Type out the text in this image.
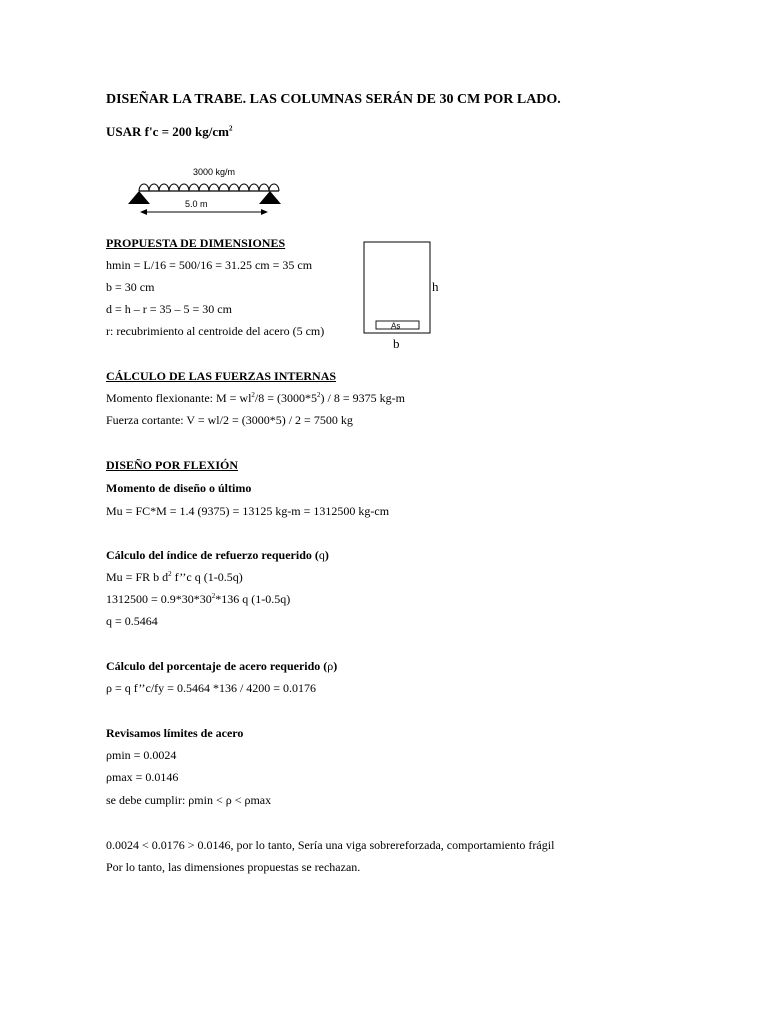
DISEÑAR LA TRABE. LAS COLUMNAS SERÁN DE 30 CM POR LADO.
USAR f'c = 200 $kg/cm^2$
3000 kg/m
5.0 m
As
h
b
PROPUESTA DE DIMENSIONES
hmin = L/16 = 500/16 = 31.25 cm = 35 cm
b = 30 cm
d = h – r = 35 – 5 = 30 cm
r: recubrimiento al centroide del acero (5 cm)
CÁLCULO DE LAS FUERZAS INTERNAS
Momento flexionante: $M = wl^2/8 = (3000*5^2) / 8 = 9375$ kg-m
Fuerza cortante: V = wl/2 = (3000*5) / 2 = 7500 kg
DISEÑO POR FLEXIÓN
Momento de diseño o último
Mu = FC*M = 1.4 (9375) = 13125 kg-m = 1312500 kg-cm
Cálculo del índice de refuerzo requerido (q)
Mu = FR b $d^2$ f’’c q (1-0.5q)
$1312500 = 0.9*30*30^2*136$ q (1-0.5q)
q = 0.5464
Cálculo del porcentaje de acero requerido (ρ)
ρ = q f’’c/fy = 0.5464 *136 / 4200 = 0.0176
Revisamos límites de acero
ρmin = 0.0024
ρmax = 0.0146
se debe cumplir: ρmin < ρ < ρmax
0.0024 < 0.0176 > 0.0146, por lo tanto, Sería una viga sobrereforzada, comportamiento frágil
Por lo tanto, las dimensiones propuestas se rechazan.
